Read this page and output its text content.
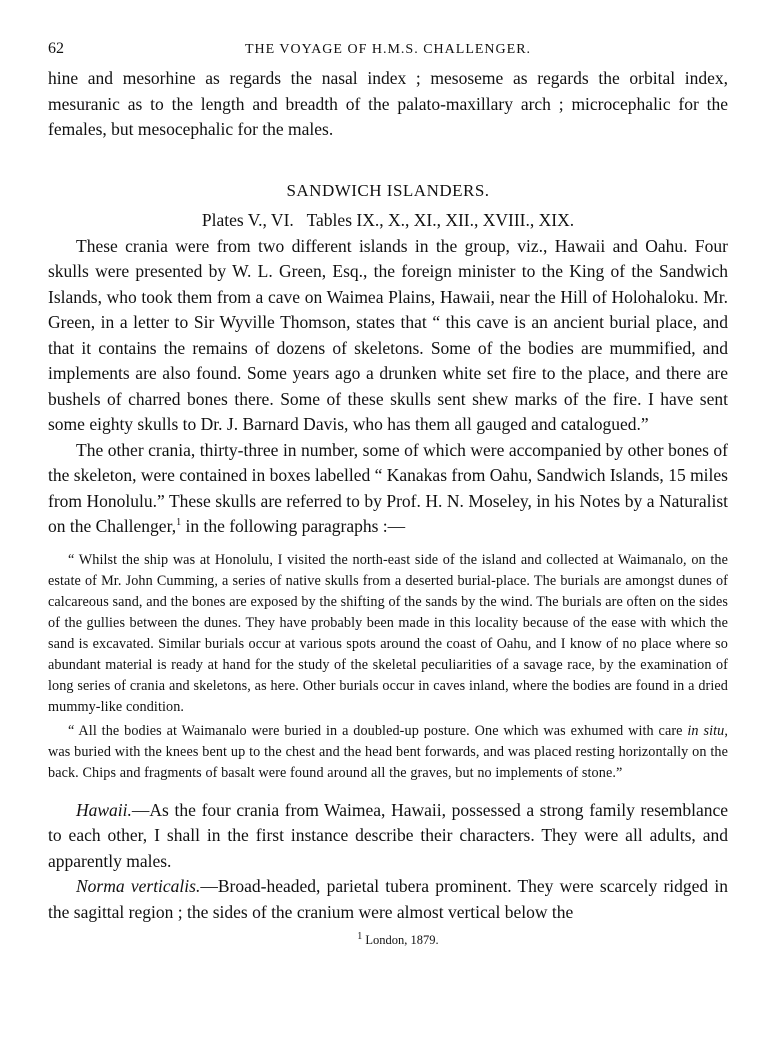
62	THE VOYAGE OF H.M.S. CHALLENGER.

hine and mesorhine as regards the nasal index ; mesoseme as regards the orbital index, mesuranic as to the length and breadth of the palato-maxillary arch ; microcephalic for the females, but mesocephalic for the males.

SANDWICH ISLANDERS.
Plates V., VI.   Tables IX., X., XI., XII., XVIII., XIX.

These crania were from two different islands in the group, viz., Hawaii and Oahu. Four skulls were presented by W. L. Green, Esq., the foreign minister to the King of the Sandwich Islands, who took them from a cave on Waimea Plains, Hawaii, near the Hill of Holohaloku. Mr. Green, in a letter to Sir Wyville Thomson, states that “ this cave is an ancient burial place, and that it contains the remains of dozens of skeletons. Some of the bodies are mummified, and implements are also found. Some years ago a drunken white set fire to the place, and there are bushels of charred bones there. Some of these skulls sent shew marks of the fire. I have sent some eighty skulls to Dr. J. Barnard Davis, who has them all gauged and catalogued.”

The other crania, thirty-three in number, some of which were accompanied by other bones of the skeleton, were contained in boxes labelled “ Kanakas from Oahu, Sandwich Islands, 15 miles from Honolulu.” These skulls are referred to by Prof. H. N. Moseley, in his Notes by a Naturalist on the Challenger,$^1$ in the following paragraphs :—

“ Whilst the ship was at Honolulu, I visited the north-east side of the island and collected at Waimanalo, on the estate of Mr. John Cumming, a series of native skulls from a deserted burial-place. The burials are amongst dunes of calcareous sand, and the bones are exposed by the shifting of the sands by the wind. The burials are often on the sides of the gullies between the dunes. They have probably been made in this locality because of the ease with which the sand is excavated. Similar burials occur at various spots around the coast of Oahu, and I know of no place where so abundant material is ready at hand for the study of the skeletal peculiarities of a savage race, by the examination of long series of crania and skeletons, as here. Other burials occur in caves inland, where the bodies are found in a dried mummy-like condition.

“ All the bodies at Waimanalo were buried in a doubled-up posture. One which was exhumed with care in situ, was buried with the knees bent up to the chest and the head bent forwards, and was placed resting horizontally on the back. Chips and fragments of basalt were found around all the graves, but no implements of stone.”

Hawaii.—As the four crania from Waimea, Hawaii, possessed a strong family resemblance to each other, I shall in the first instance describe their characters. They were all adults, and apparently males.

Norma verticalis.—Broad-headed, parietal tubera prominent. They were scarcely ridged in the sagittal region ; the sides of the cranium were almost vertical below the

$^1$ London, 1879.
